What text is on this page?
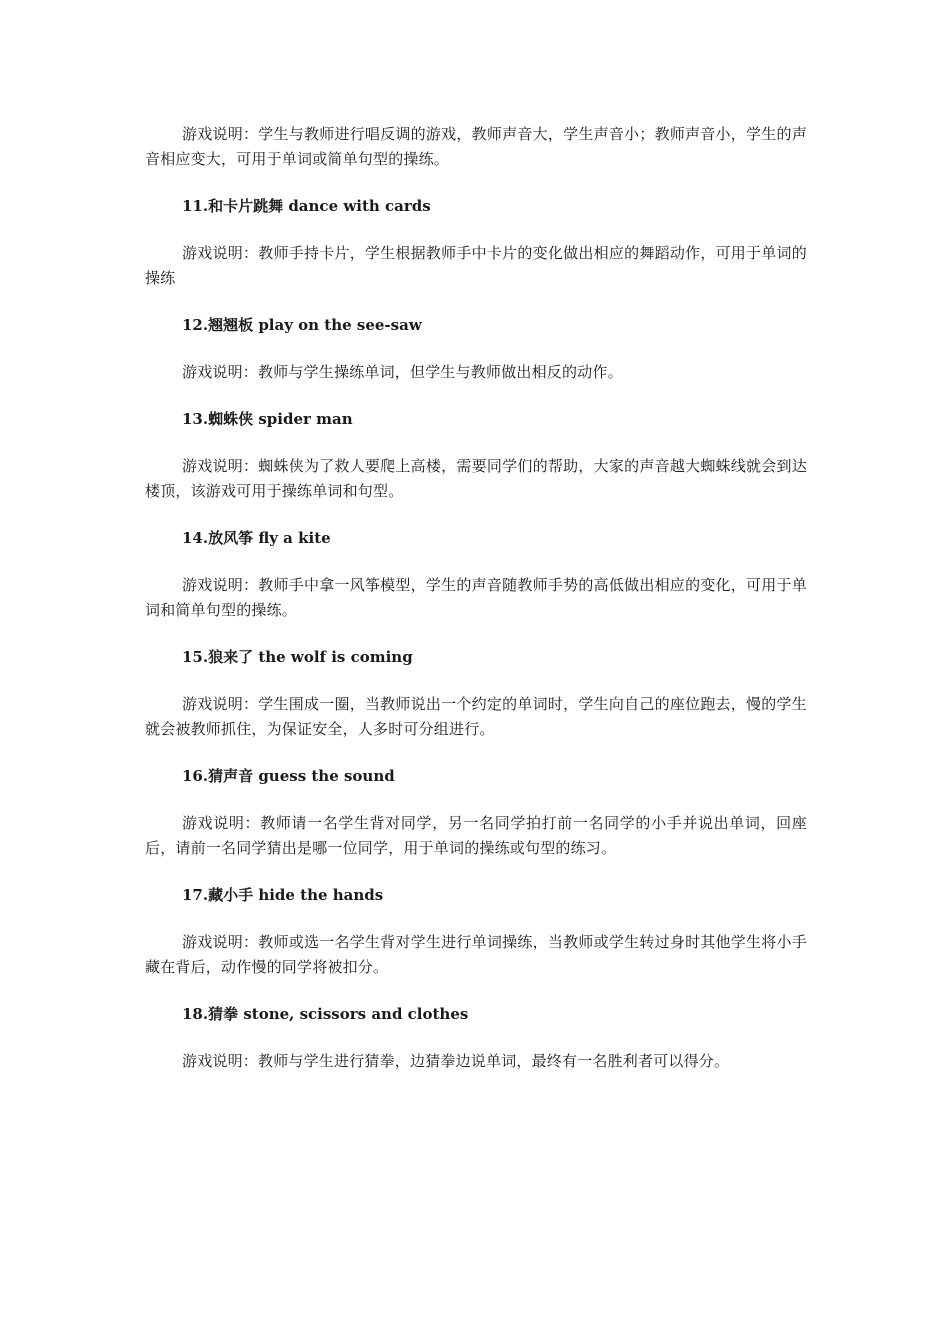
游戏说明：学生与教师进行唱反调的游戏，教师声音大，学生声音小；教师声音小，学生的声音相应变大，可用于单词或简单句型的操练。

11.和卡片跳舞 dance with cards

游戏说明：教师手持卡片，学生根据教师手中卡片的变化做出相应的舞蹈动作，可用于单词的操练

12.翘翘板 play on the see-saw

游戏说明：教师与学生操练单词，但学生与教师做出相反的动作。

13.蜘蛛侠 spider man

游戏说明：蜘蛛侠为了救人要爬上高楼，需要同学们的帮助，大家的声音越大蜘蛛线就会到达楼顶，该游戏可用于操练单词和句型。

14.放风筝 fly a kite

游戏说明：教师手中拿一风筝模型，学生的声音随教师手势的高低做出相应的变化，可用于单词和简单句型的操练。

15.狼来了 the wolf is coming

游戏说明：学生围成一圈，当教师说出一个约定的单词时，学生向自己的座位跑去，慢的学生就会被教师抓住，为保证安全，人多时可分组进行。

16.猜声音 guess the sound

游戏说明：教师请一名学生背对同学，另一名同学拍打前一名同学的小手并说出单词，回座后，请前一名同学猜出是哪一位同学，用于单词的操练或句型的练习。

17.藏小手 hide the hands

游戏说明：教师或选一名学生背对学生进行单词操练，当教师或学生转过身时其他学生将小手藏在背后，动作慢的同学将被扣分。

18.猜拳 stone, scissors and clothes

游戏说明：教师与学生进行猜拳，边猜拳边说单词，最终有一名胜利者可以得分。
